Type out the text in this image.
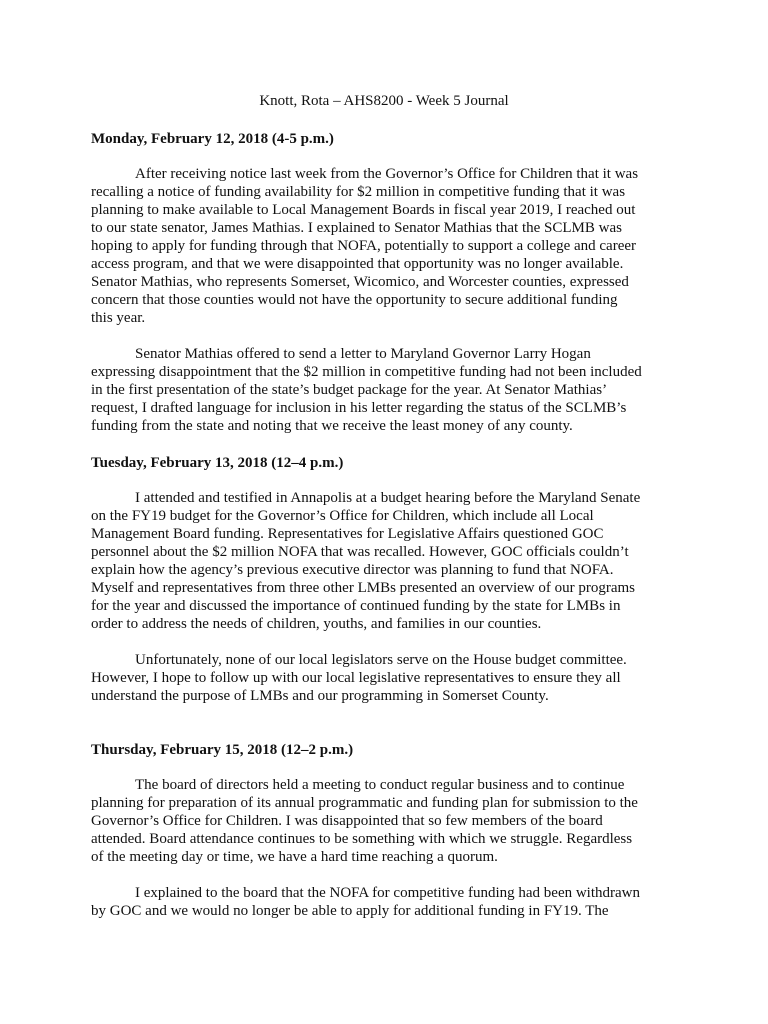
Knott, Rota – AHS8200 - Week 5 Journal
Monday, February 12, 2018 (4-5 p.m.)
After receiving notice last week from the Governor’s Office for Children that it was
recalling a notice of funding availability for $2 million in competitive funding that it was
planning to make available to Local Management Boards in fiscal year 2019, I reached out
to our state senator, James Mathias. I explained to Senator Mathias that the SCLMB was
hoping to apply for funding through that NOFA, potentially to support a college and career
access program, and that we were disappointed that opportunity was no longer available.
Senator Mathias, who represents Somerset, Wicomico, and Worcester counties, expressed
concern that those counties would not have the opportunity to secure additional funding
this year.
Senator Mathias offered to send a letter to Maryland Governor Larry Hogan
expressing disappointment that the $2 million in competitive funding had not been included
in the first presentation of the state’s budget package for the year. At Senator Mathias’
request, I drafted language for inclusion in his letter regarding the status of the SCLMB’s
funding from the state and noting that we receive the least money of any county.
Tuesday, February 13, 2018 (12–4 p.m.)
I attended and testified in Annapolis at a budget hearing before the Maryland Senate
on the FY19 budget for the Governor’s Office for Children, which include all Local
Management Board funding. Representatives for Legislative Affairs questioned GOC
personnel about the $2 million NOFA that was recalled. However, GOC officials couldn’t
explain how the agency’s previous executive director was planning to fund that NOFA.
Myself and representatives from three other LMBs presented an overview of our programs
for the year and discussed the importance of continued funding by the state for LMBs in
order to address the needs of children, youths, and families in our counties.
Unfortunately, none of our local legislators serve on the House budget committee.
However, I hope to follow up with our local legislative representatives to ensure they all
understand the purpose of LMBs and our programming in Somerset County.
Thursday, February 15, 2018 (12–2 p.m.)
The board of directors held a meeting to conduct regular business and to continue
planning for preparation of its annual programmatic and funding plan for submission to the
Governor’s Office for Children. I was disappointed that so few members of the board
attended. Board attendance continues to be something with which we struggle. Regardless
of the meeting day or time, we have a hard time reaching a quorum.
I explained to the board that the NOFA for competitive funding had been withdrawn
by GOC and we would no longer be able to apply for additional funding in FY19. The
